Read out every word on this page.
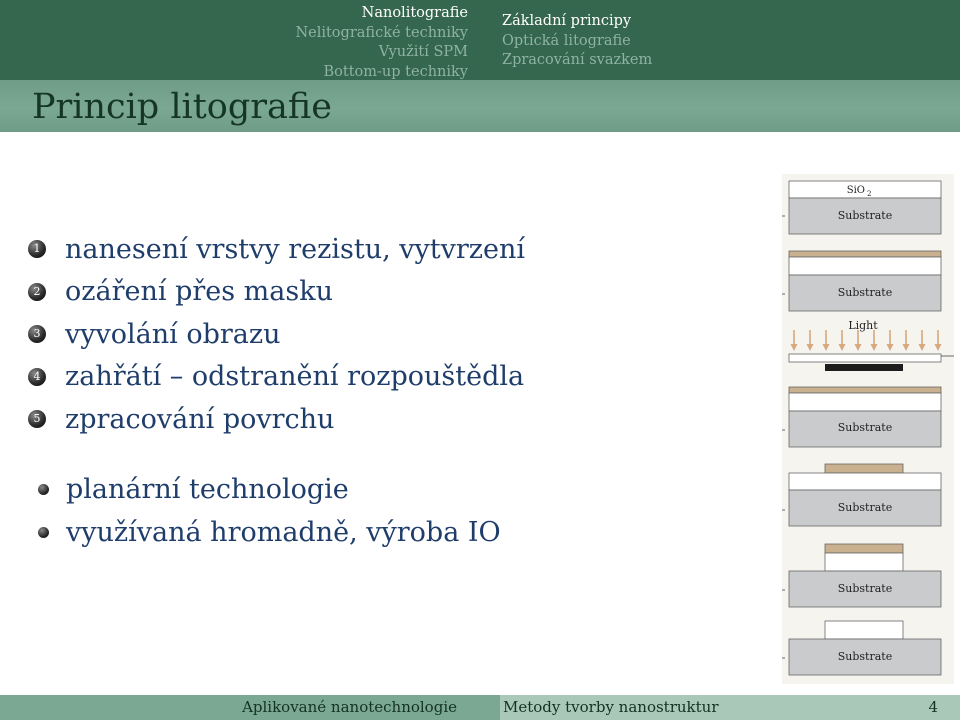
Nanolitografie
Nelitografické techniky
Využití SPM
Bottom-up techniky
Základní principy
Optická litografie
Zpracování svazkem
Princip litografie
1 nanesení vrstvy rezistu, vytvrzení
2 ozáření přes masku
3 vyvolání obrazu
4 zahřátí – odstranění rozpouštědla
5 zpracování povrchu
planární technologie
využívaná hromadně, výroba IO
SiO 2
Substrate
Substrate
Light
Substrate
Substrate
Substrate
Substrate
Aplikované nanotechnologie	Metody tvorby nanostruktur	4
